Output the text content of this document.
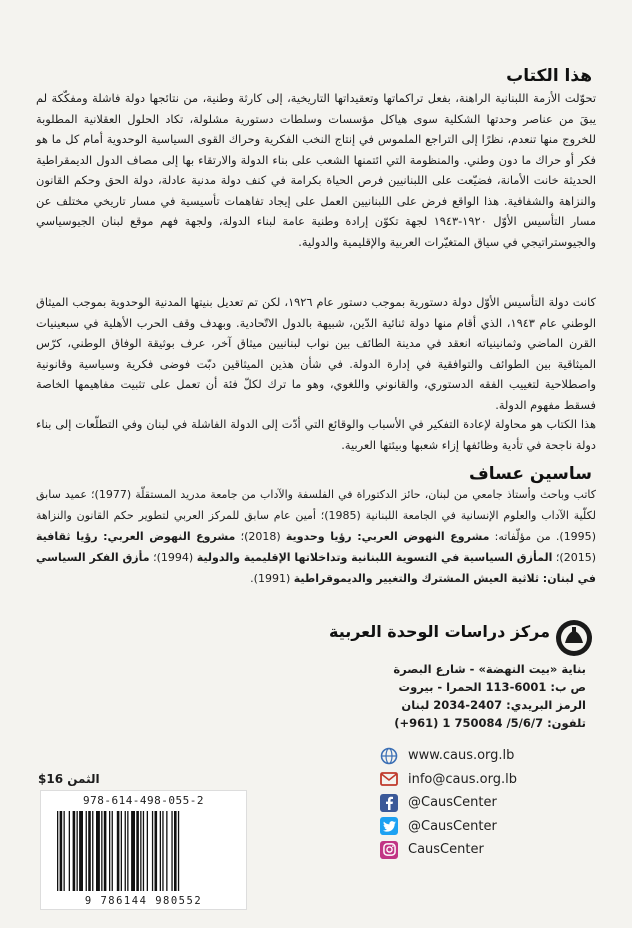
هذا الكتاب

تحوّلت الأزمة اللبنانية الراهنة، بفعل تراكماتها وتعقيداتها التاريخية، إلى كارثة وطنية، من نتائجها دولة فاشلة ومفكّكة لم يبقَ من عناصر وحدتها الشكلية سوى هياكل مؤسسات وسلطات دستورية مشلولة، تكاد الحلول العقلانية المطلوبة للخروج منها تنعدم، نظرًا إلى التراجع الملموس في إنتاج النخب الفكرية وحراك القوى السياسية الوحدوية أمام كل ما هو فكر أو حراك ما دون وطني. والمنظومة التي ائتمنها الشعب على بناء الدولة والارتقاء بها إلى مصاف الدول الديمقراطية الحديثة خانت الأمانة، فضيّعت على اللبنانيين فرص الحياة بكرامة في كنف دولة مدنية عادلة، دولة الحق وحكم القانون والنزاهة والشفافية. هذا الواقع فرض على اللبنانيين العمل على إيجاد تفاهمات تأسيسية في مسار تاريخي مختلف عن مسار التأسيس الأوّل ١٩٢٠-١٩٤٣ لجهة تكوّن إرادة وطنية عامة لبناء الدولة، ولجهة فهم موقع لبنان الجيوسياسي والجيوستراتيجي في سياق المتغيّرات العربية والإقليمية والدولية.

كانت دولة التأسيس الأوّل دولة دستورية بموجب دستور عام ١٩٢٦، لكن تم تعديل بنيتها المدنية الوحدوية بموجب الميثاق الوطني عام ١٩٤٣، الذي أقام منها دولة ثنائية الدّين، شبيهة بالدول الاتّحادية. وبهدف وقف الحرب الأهلية في سبعينيات القرن الماضي وثمانينياته انعقد في مدينة الطائف بين نواب لبنانيين ميثاق آخر، عرف بوثيقة الوفاق الوطني، كرّس الميثاقية بين الطوائف والتوافقية في إدارة الدولة. في شأن هذين الميثاقين دبّت فوضى فكرية وسياسية وقانونية واصطلاحية لتغييب الفقه الدستوري، والقانوني واللغوي، وهو ما ترك لكلّ فئة أن تعمل على تثبيت مفاهيمها الخاصة فسقط مفهوم الدولة.

هذا الكتاب هو محاولة لإعادة التفكير في الأسباب والوقائع التي أدّت إلى الدولة الفاشلة في لبنان وفي التطلّعات إلى بناء دولة ناجحة في تأدية وظائفها إزاء شعبها وبيئتها العربية.

ساسين عساف

كاتب وباحث وأستاذ جامعي من لبنان، حائز الدكتوراة في الفلسفة والآداب من جامعة مدريد المستقلّة (1977)؛ عميد سابق لكلّية الآداب والعلوم الإنسانية في الجامعة اللبنانية (1985)؛ أمين عام سابق للمركز العربي لتطوير حكم القانون والنزاهة (1995). من مؤلّفاته: مشروع النهوض العربي: رؤيا وحدوية (2018)؛ مشروع النهوض العربي: رؤيا ثقافية (2015)؛ المأزق السياسية في التسوية اللبنانية وتداخلاتها الإقليمية والدولية (1994)؛ مأزق الفكر السياسي في لبنان: ثلاثية العيش المشترك والتغيير والديموقراطية (1991).

مركز دراسات الوحدة العربية
بناية «بيت النهضة» - شارع البصرة
ص ب: 6001-113 الحمرا - بيروت
الرمز البريدي: 2407-2034 لبنان
تلفون: 5/6/7/ 750084 1 (961+)
الثمن 16$
978-614-498-055-2
9 786144 980552
www.caus.org.lb
info@caus.org.lb
@CausCenter
@CausCenter
CausCenter
